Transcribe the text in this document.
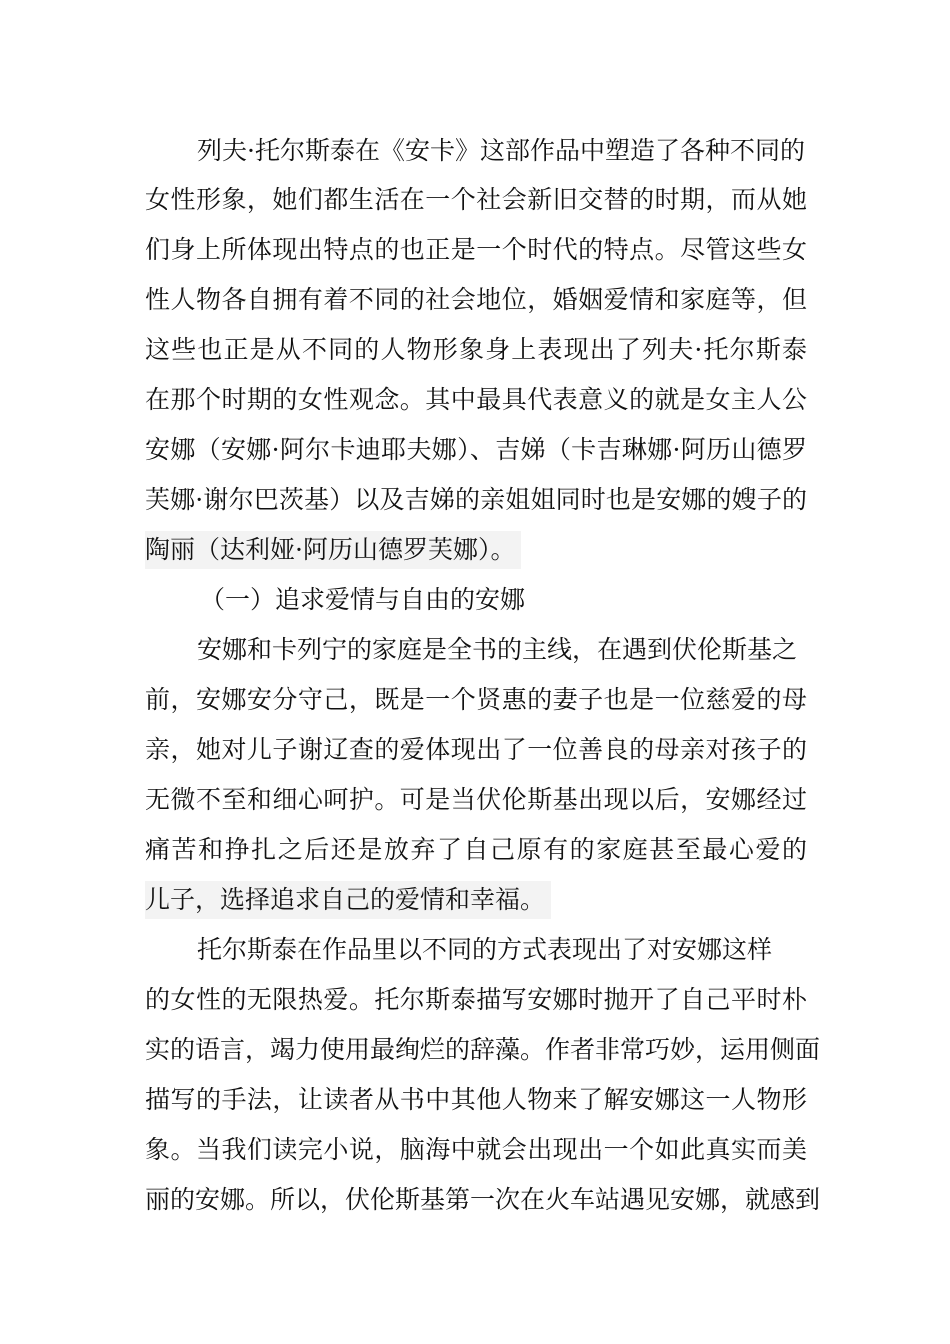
列夫·托尔斯泰在《安卡》这部作品中塑造了各种不同的
女性形象，她们都生活在一个社会新旧交替的时期，而从她
们身上所体现出特点的也正是一个时代的特点。尽管这些女
性人物各自拥有着不同的社会地位，婚姻爱情和家庭等，但
这些也正是从不同的人物形象身上表现出了列夫·托尔斯泰
在那个时期的女性观念。其中最具代表意义的就是女主人公
安娜（安娜·阿尔卡迪耶夫娜）、吉娣（卡吉琳娜·阿历山德罗
芙娜·谢尔巴茨基）以及吉娣的亲姐姐同时也是安娜的嫂子的
陶丽（达利娅·阿历山德罗芙娜）。
（一）追求爱情与自由的安娜
安娜和卡列宁的家庭是全书的主线，在遇到伏伦斯基之
前，安娜安分守己，既是一个贤惠的妻子也是一位慈爱的母
亲，她对儿子谢辽查的爱体现出了一位善良的母亲对孩子的
无微不至和细心呵护。可是当伏伦斯基出现以后，安娜经过
痛苦和挣扎之后还是放弃了自己原有的家庭甚至最心爱的
儿子，选择追求自己的爱情和幸福。
托尔斯泰在作品里以不同的方式表现出了对安娜这样
的女性的无限热爱。托尔斯泰描写安娜时抛开了自己平时朴
实的语言，竭力使用最绚烂的辞藻。作者非常巧妙，运用侧面
描写的手法，让读者从书中其他人物来了解安娜这一人物形
象。当我们读完小说，脑海中就会出现出一个如此真实而美
丽的安娜。所以，伏伦斯基第一次在火车站遇见安娜，就感到
